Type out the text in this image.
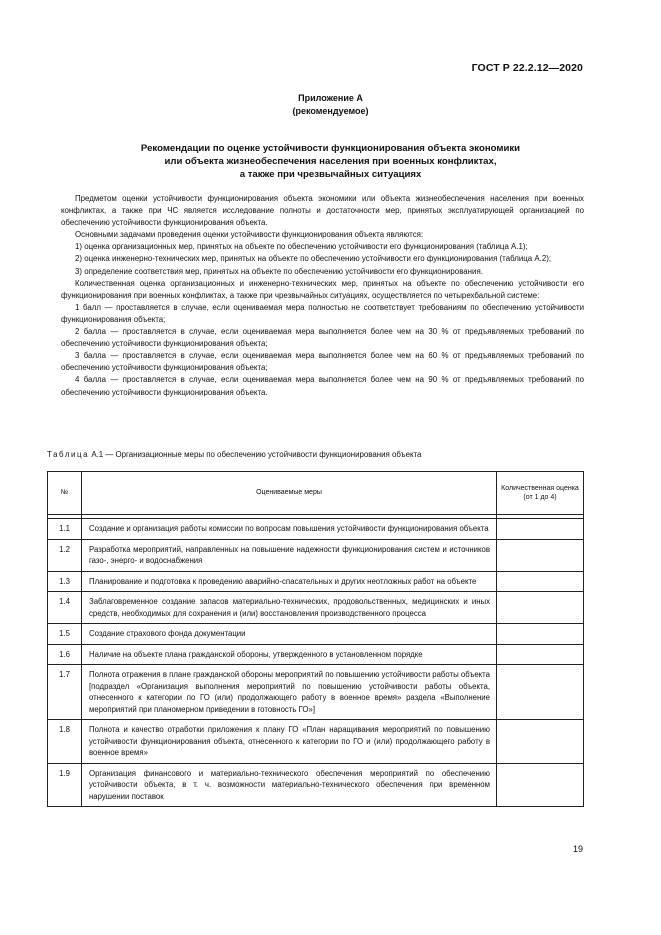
ГОСТ Р 22.2.12—2020
Приложение А
(рекомендуемое)
Рекомендации по оценке устойчивости функционирования объекта экономики
или объекта жизнеобеспечения населения при военных конфликтах,
а также при чрезвычайных ситуациях

Предметом оценки устойчивости функционирования объекта экономики или объекта жизнеобеспечения населения при военных конфликтах, а также при ЧС является исследование полноты и достаточности мер, принятых эксплуатирующей организацией по обеспечению устойчивости функционирования объекта.

Основными задачами проведения оценки устойчивости функционирования объекта являются:

1) оценка организационных мер, принятых на объекте по обеспечению устойчивости его функционирования (таблица А.1);

2) оценка инженерно-технических мер, принятых на объекте по обеспечению устойчивости его функционирования (таблица А.2);

3) определение соответствия мер, принятых на объекте по обеспечению устойчивости его функционирования.

Количественная оценка организационных и инженерно-технических мер, принятых на объекте по обеспечению устойчивости его функционирования при военных конфликтах, а также при чрезвычайных ситуациях, осуществляется по четырехбальной системе:

1 балл — проставляется в случае, если оцениваемая мера полностью не соответствует требованиям по обеспечению устойчивости функционирования объекта;

2 балла — проставляется в случае, если оцениваемая мера выполняется более чем на 30 % от предъявляемых требований по обеспечению устойчивости функционирования объекта;

3 балла — проставляется в случае, если оцениваемая мера выполняется более чем на 60 % от предъявляемых требований по обеспечению устойчивости функционирования объекта;

4 балла — проставляется в случае, если оцениваемая мера выполняется более чем на 90 % от предъявляемых требований по обеспечению устойчивости функционирования объекта.

Таблица А.1 — Организационные меры по обеспечению устойчивости функционирования объекта
№	Оцениваемые меры	Количественная оценка (от 1 до 4)

1.1	Создание и организация работы комиссии по вопросам повышения устойчивости функционирования объекта	
1.2	Разработка мероприятий, направленных на повышение надежности функционирования систем и источников газо-, энерго- и водоснабжения	
1.3	Планирование и подготовка к проведению аварийно-спасательных и других неотложных работ на объекте	
1.4	Заблаговременное создание запасов материально-технических, продовольственных, медицинских и иных средств, необходимых для сохранения и (или) восстановления производственного процесса	
1.5	Создание страхового фонда документации	
1.6	Наличие на объекте плана гражданской обороны, утвержденного в установленном порядке	
1.7	Полнота отражения в плане гражданской обороны мероприятий по повышению устойчивости работы объекта [подраздел «Организация выполнения мероприятий по повышению устойчивости работы объекта, отнесенного к категории по ГО (или) продолжающего работу в военное время» раздела «Выполнение мероприятий при планомерном приведении в готовность ГО»]	
1.8	Полнота и качество отработки приложения к плану ГО «План наращивания мероприятий по повышению устойчивости функционирования объекта, отнесенного к категории по ГО и (или) продолжающего работу в военное время»	
1.9	Организация финансового и материально-технического обеспечения мероприятий по обеспечению устойчивости объекта, в т. ч. возможности материально-технического обеспечения при временном нарушении поставок	
19
